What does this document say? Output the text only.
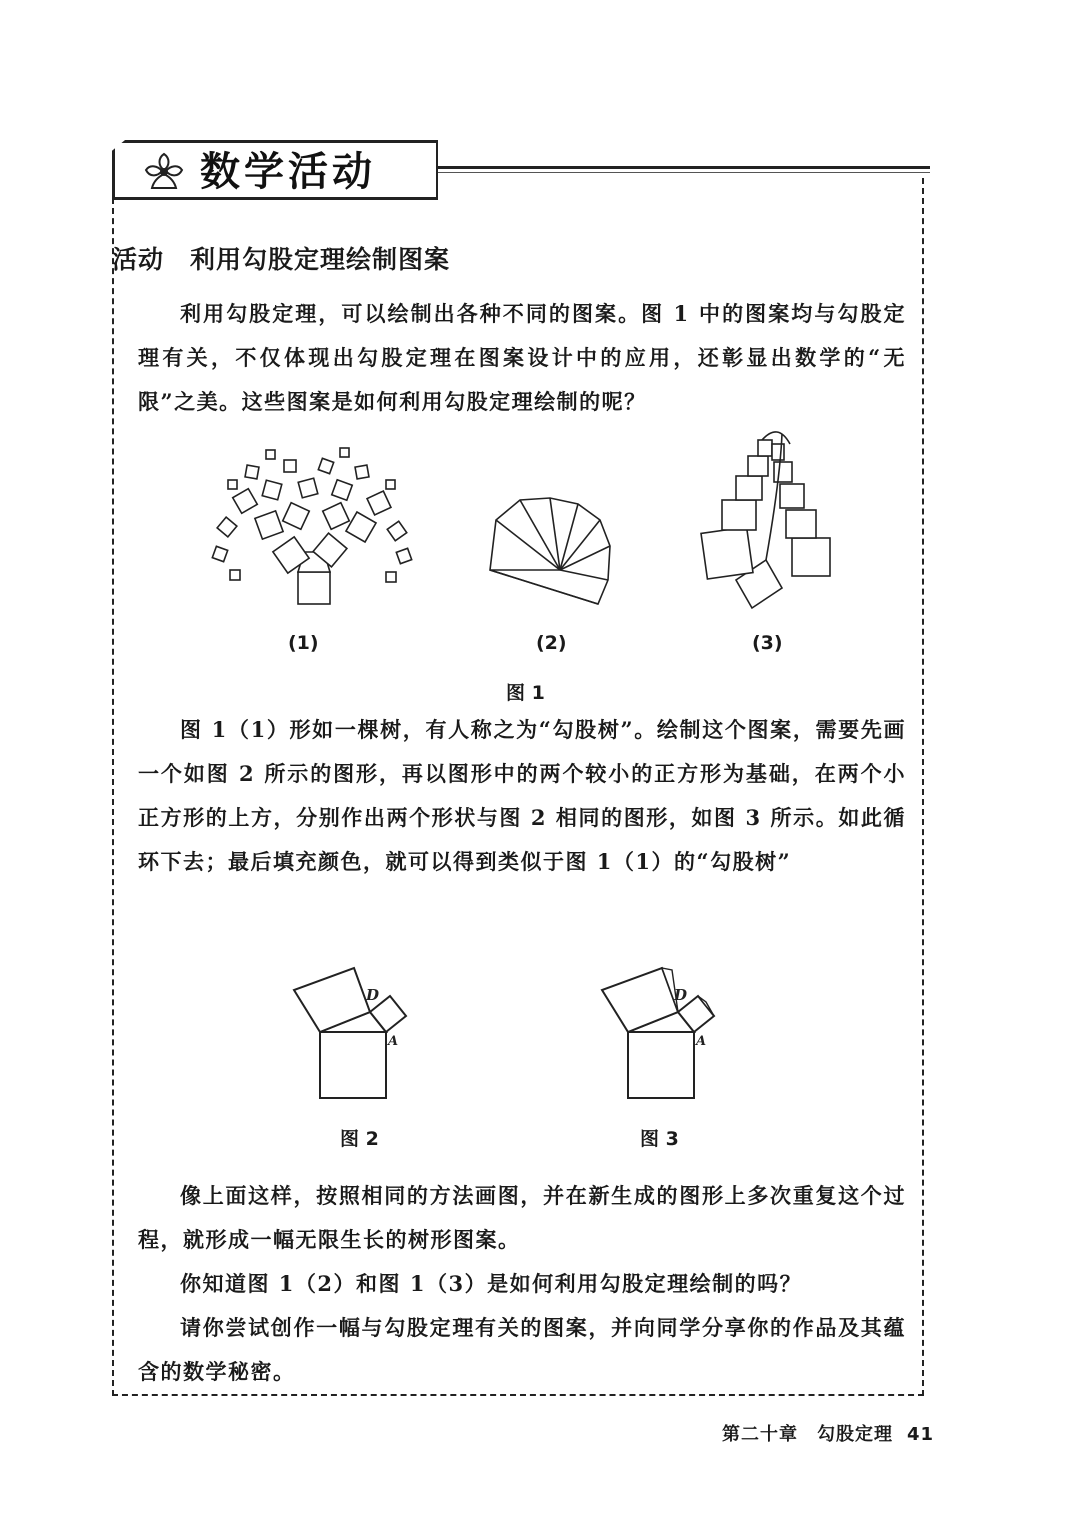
数学活动
活动 利用勾股定理绘制图案

利用勾股定理，可以绘制出各种不同的图案。图 1 中的图案均与勾股定理有关，不仅体现出勾股定理在图案设计中的应用，还彰显出数学的“无限”之美。这些图案是如何利用勾股定理绘制的呢？

(1)	(2)	(3)
图 1

图 1（1）形如一棵树，有人称之为“勾股树”。绘制这个图案，需要先画一个如图 2 所示的图形，再以图形中的两个较小的正方形为基础，在两个小正方形的上方，分别作出两个形状与图 2 相同的图形，如图 3 所示。如此循环下去；最后填充颜色，就可以得到类似于图 1（1）的“勾股树”

D
A
图 2
D
A
图 3

像上面这样，按照相同的方法画图，并在新生成的图形上多次重复这个过程，就形成一幅无限生长的树形图案。

你知道图 1（2）和图 1（3）是如何利用勾股定理绘制的吗？

请你尝试创作一幅与勾股定理有关的图案，并向同学分享你的作品及其蕴含的数学秘密。

第二十章　勾股定理 41
